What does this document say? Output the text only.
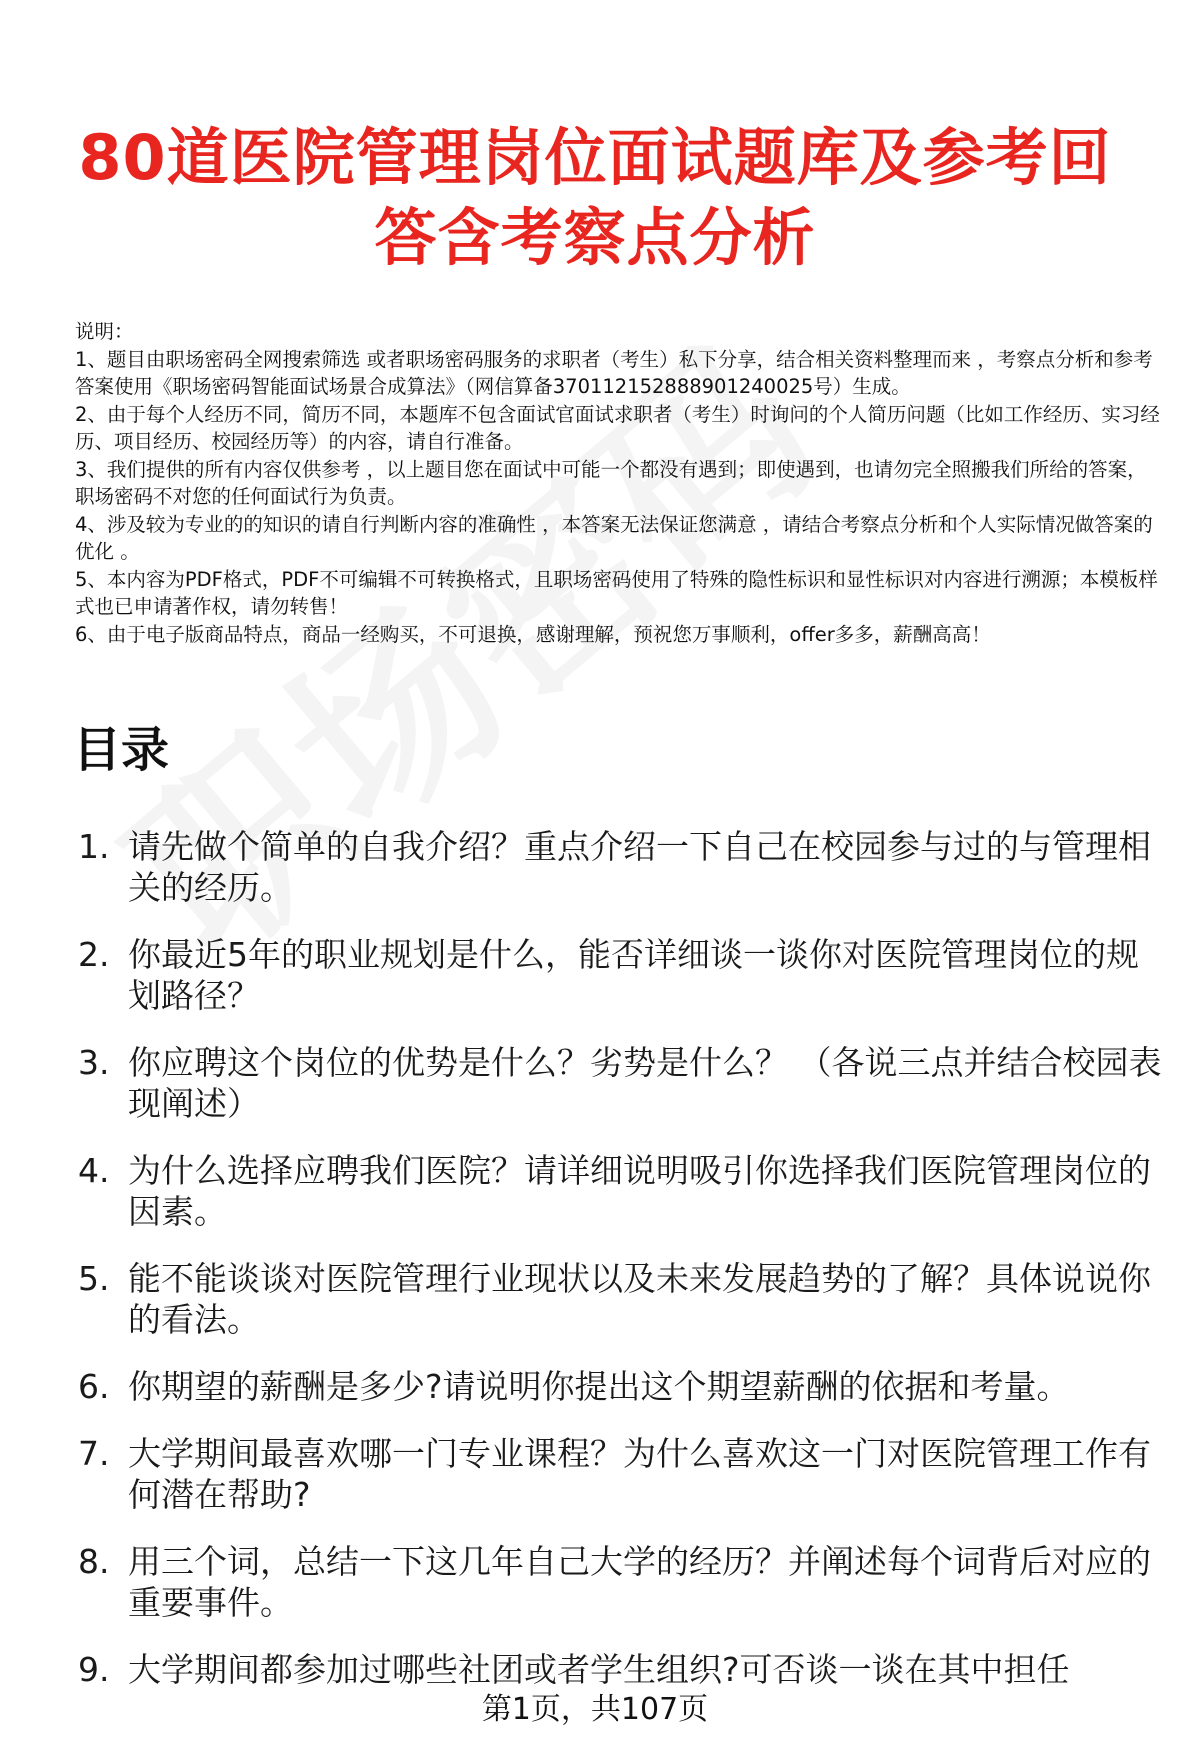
80道医院管理岗位面试题库及参考回答含考察点分析

说明：

1、题目由职场密码全网搜索筛选 或者职场密码服务的求职者（考生）私下分享，结合相关资料整理而来 ，考察点分析和参考答案使用《职场密码智能面试场景合成算法》（网信算备370112152888901240025号）生成。

2、由于每个人经历不同，简历不同，本题库不包含面试官面试求职者（考生）时询问的个人简历问题（比如工作经历、实习经历、项目经历、校园经历等）的内容，请自行准备。

3、我们提供的所有内容仅供参考 ，以上题目您在面试中可能一个都没有遇到；即使遇到，也请勿完全照搬我们所给的答案，职场密码不对您的任何面试行为负责。

4、涉及较为专业的的知识的请自行判断内容的准确性 ，本答案无法保证您满意 ，请结合考察点分析和个人实际情况做答案的优化 。

5、本内容为PDF格式，PDF不可编辑不可转换格式，且职场密码使用了特殊的隐性标识和显性标识对内容进行溯源；本模板样式也已申请著作权，请勿转售！

6、由于电子版商品特点，商品一经购买，不可退换，感谢理解，预祝您万事顺利，offer多多，薪酬高高！

目录
1. 请先做个简单的自我介绍？重点介绍一下自己在校园参与过的与管理相关的经历。
2. 你最近5年的职业规划是什么，能否详细谈一谈你对医院管理岗位的规划路径？
3. 你应聘这个岗位的优势是什么？劣势是什么？ （各说三点并结合校园表现阐述）
4. 为什么选择应聘我们医院？请详细说明吸引你选择我们医院管理岗位的因素。
5. 能不能谈谈对医院管理行业现状以及未来发展趋势的了解？具体说说你的看法。
6. 你期望的薪酬是多少?请说明你提出这个期望薪酬的依据和考量。
7. 大学期间最喜欢哪一门专业课程？为什么喜欢这一门对医院管理工作有何潜在帮助?
8. 用三个词，总结一下这几年自己大学的经历？并阐述每个词背后对应的重要事件。
9. 大学期间都参加过哪些社团或者学生组织?可否谈一谈在其中担任
第1页，共107页
